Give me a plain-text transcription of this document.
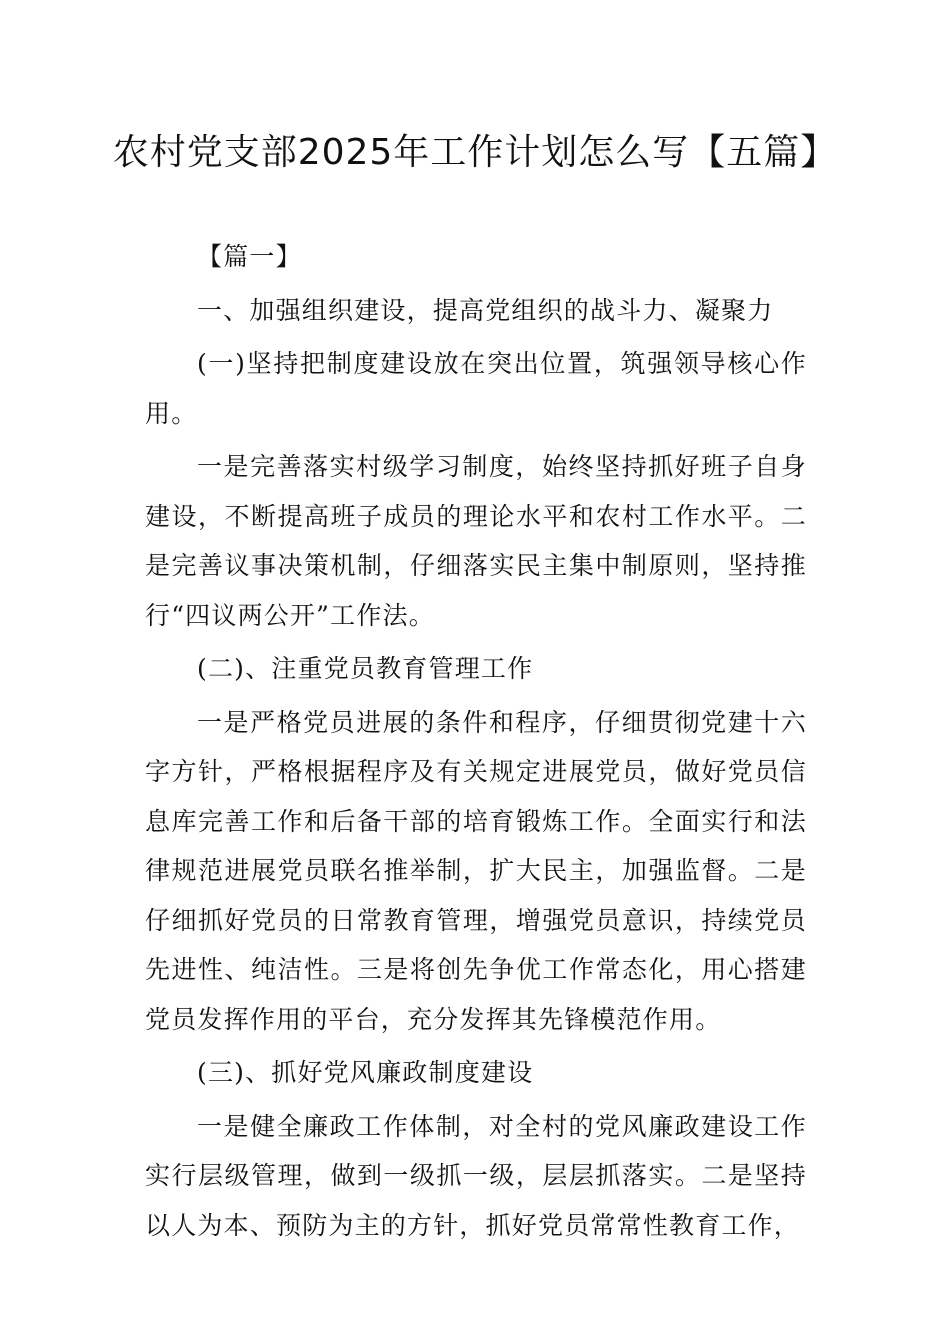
农村党支部2025年工作计划怎么写【五篇】

【篇一】

一、加强组织建设，提高党组织的战斗力、凝聚力

(一)坚持把制度建设放在突出位置，筑强领导核心作用。

一是完善落实村级学习制度，始终坚持抓好班子自身建设，不断提高班子成员的理论水平和农村工作水平。二是完善议事决策机制，仔细落实民主集中制原则，坚持推行“四议两公开”工作法。

(二)、注重党员教育管理工作

一是严格党员进展的条件和程序，仔细贯彻党建十六字方针，严格根据程序及有关规定进展党员，做好党员信息库完善工作和后备干部的培育锻炼工作。全面实行和法律规范进展党员联名推举制，扩大民主，加强监督。二是仔细抓好党员的日常教育管理，增强党员意识，持续党员先进性、纯洁性。三是将创先争优工作常态化，用心搭建党员发挥作用的平台，充分发挥其先锋模范作用。

(三)、抓好党风廉政制度建设

一是健全廉政工作体制，对全村的党风廉政建设工作实行层级管理，做到一级抓一级，层层抓落实。二是坚持以人为本、预防为主的方针，抓好党员常常性教育工作，
